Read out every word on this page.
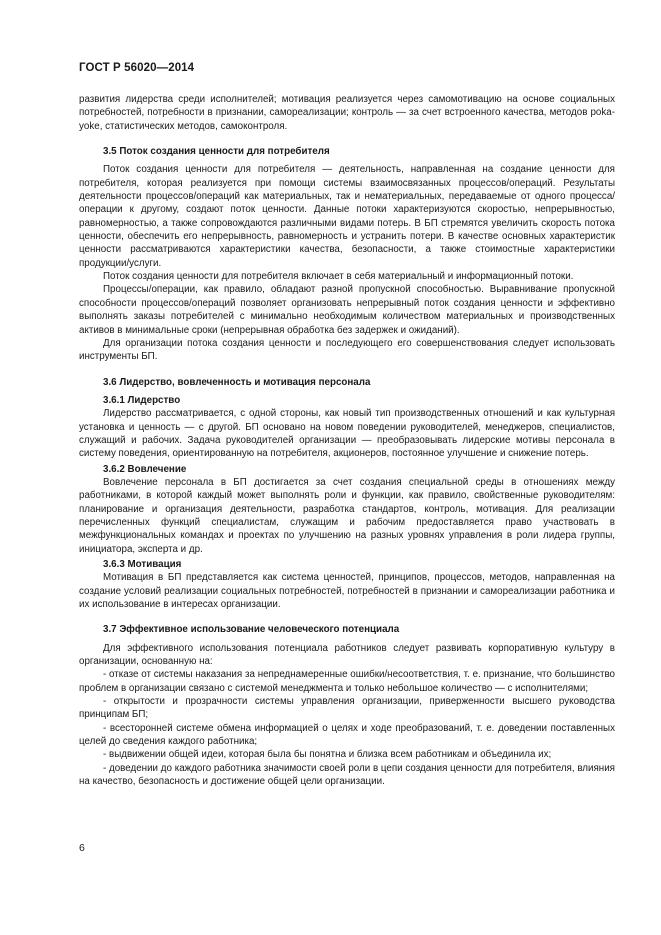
ГОСТ Р 56020—2014

развития лидерства среди исполнителей; мотивация реализуется через самомотивацию на основе социальных потребностей, потребности в признании, самореализации; контроль — за счет встроенного качества, методов poka-yoke, статистических методов, самоконтроля.

3.5 Поток создания ценности для потребителя

Поток создания ценности для потребителя — деятельность, направленная на создание ценности для потребителя, которая реализуется при помощи системы взаимосвязанных процессов/операций. Результаты деятельности процессов/операций как материальных, так и нематериальных, передаваемые от одного процесса/операции к другому, создают поток ценности. Данные потоки характеризуются скоростью, непрерывностью, равномерностью, а также сопровождаются различными видами потерь. В БП стремятся увеличить скорость потока ценности, обеспечить его непрерывность, равномерность и устранить потери. В качестве основных характеристик ценности рассматриваются характеристики качества, безопасности, а также стоимостные характеристики продукции/услуги.

Поток создания ценности для потребителя включает в себя материальный и информационный потоки.

Процессы/операции, как правило, обладают разной пропускной способностью. Выравнивание пропускной способности процессов/операций позволяет организовать непрерывный поток создания ценности и эффективно выполнять заказы потребителей с минимально необходимым количеством материальных и производственных активов в минимальные сроки (непрерывная обработка без задержек и ожиданий).

Для организации потока создания ценности и последующего его совершенствования следует использовать инструменты БП.

3.6 Лидерство, вовлеченность и мотивация персонала
3.6.1 Лидерство

Лидерство рассматривается, с одной стороны, как новый тип производственных отношений и как культурная установка и ценность — с другой. БП основано на новом поведении руководителей, менеджеров, специалистов, служащий и рабочих. Задача руководителей организации — преобразовывать лидерские мотивы персонала в систему поведения, ориентированную на потребителя, акционеров, постоянное улучшение и снижение потерь.

3.6.2 Вовлечение

Вовлечение персонала в БП достигается за счет создания специальной среды в отношениях между работниками, в которой каждый может выполнять роли и функции, как правило, свойственные руководителям: планирование и организация деятельности, разработка стандартов, контроль, мотивация. Для реализации перечисленных функций специалистам, служащим и рабочим предоставляется право участвовать в межфункциональных командах и проектах по улучшению на разных уровнях управления в роли лидера группы, инициатора, эксперта и др.

3.6.3 Мотивация

Мотивация в БП представляется как система ценностей, принципов, процессов, методов, направленная на создание условий реализации социальных потребностей, потребностей в признании и самореализации работника и их использование в интересах организации.

3.7 Эффективное использование человеческого потенциала

Для эффективного использования потенциала работников следует развивать корпоративную культуру в организации, основанную на:

- отказе от системы наказания за непреднамеренные ошибки/несоответствия, т. е. признание, что большинство проблем в организации связано с системой менеджмента и только небольшое количество — с исполнителями;

- открытости и прозрачности системы управления организации, приверженности высшего руководства принципам БП;

- всесторонней системе обмена информацией о целях и ходе преобразований, т. е. доведении поставленных целей до сведения каждого работника;

- выдвижении общей идеи, которая была бы понятна и близка всем работникам и объединила их;

- доведении до каждого работника значимости своей роли в цепи создания ценности для потребителя, влияния на качество, безопасность и достижение общей цели организации.

6
